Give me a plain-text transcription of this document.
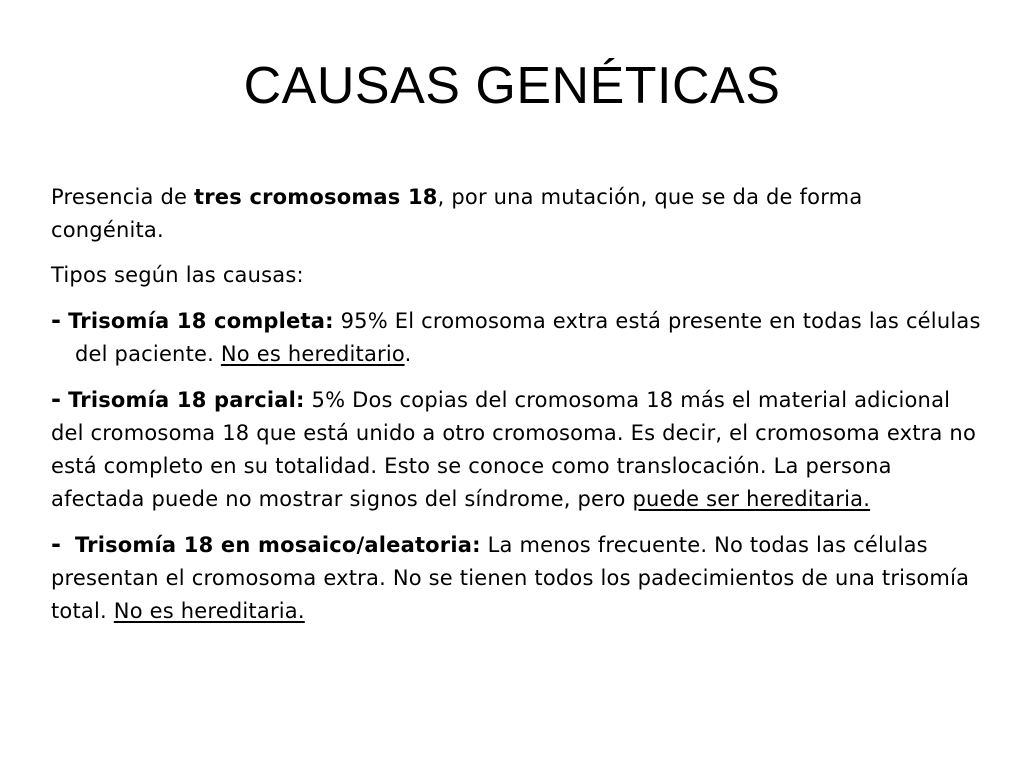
CAUSAS GENÉTICAS

Presencia de tres cromosomas 18, por una mutación, que se da de forma congénita.

Tipos según las causas:

- Trisomía 18 completa: 95% El cromosoma extra está presente en todas las células del paciente. No es hereditario.

- Trisomía 18 parcial: 5% Dos copias del cromosoma 18 más el material adicional del cromosoma 18 que está unido a otro cromosoma. Es decir, el cromosoma extra no está completo en su totalidad. Esto se conoce como translocación. La persona afectada puede no mostrar signos del síndrome, pero puede ser hereditaria.

- Trisomía 18 en mosaico/aleatoria: La menos frecuente. No todas las células presentan el cromosoma extra. No se tienen todos los padecimientos de una trisomía total. No es hereditaria.
